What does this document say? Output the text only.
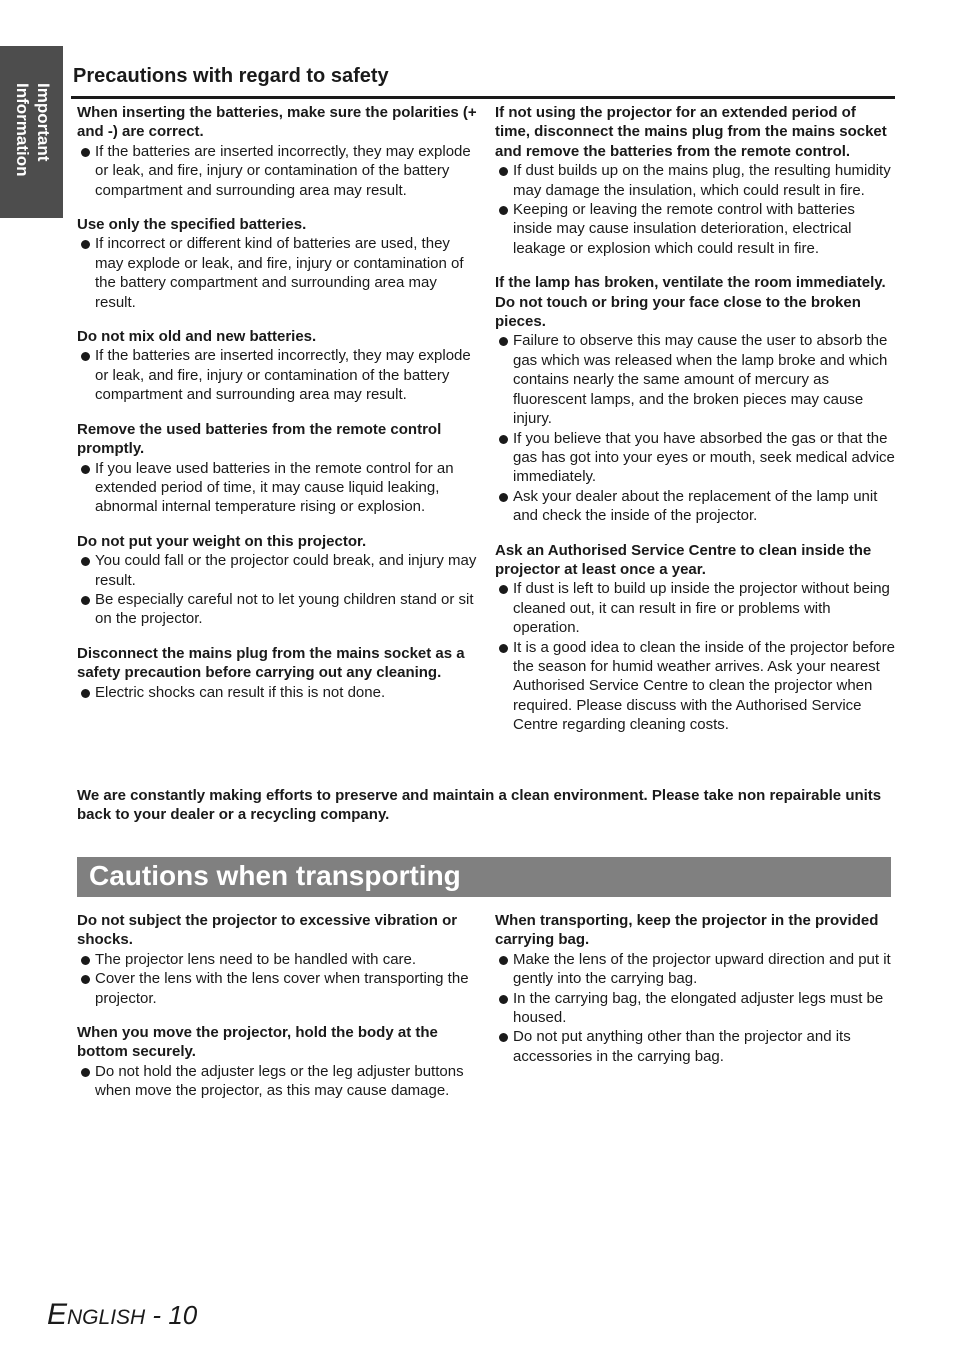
Important
Information
Precautions with regard to safety

When inserting the batteries, make sure the polarities (+ and -) are correct.

If the batteries are inserted incorrectly, they may explode or leak, and fire, injury or contamination of the battery compartment and surrounding area may result.

Use only the specified batteries.

If incorrect or different kind of batteries are used, they may explode or leak, and fire, injury or contamination of the battery compartment and surrounding area may result.

Do not mix old and new batteries.

If the batteries are inserted incorrectly, they may explode or leak, and fire, injury or contamination of the battery compartment and surrounding area may result.

Remove the used batteries from the remote control promptly.

If you leave used batteries in the remote control for an extended period of time, it may cause liquid leaking, abnormal internal temperature rising or explosion.

Do not put your weight on this projector.

You could fall or the projector could break, and injury may result.
Be especially careful not to let young children stand or sit on the projector.

Disconnect the mains plug from the mains socket as a safety precaution before carrying out any cleaning.

Electric shocks can result if this is not done.

If not using the projector for an extended period of time, disconnect the mains plug from the mains socket and remove the batteries from the remote control.

If dust builds up on the mains plug, the resulting humidity may damage the insulation, which could result in fire.
Keeping or leaving the remote control with batteries inside may cause insulation deterioration, electrical leakage or explosion which could result in fire.

If the lamp has broken, ventilate the room immediately. Do not touch or bring your face close to the broken pieces.

Failure to observe this may cause the user to absorb the gas which was released when the lamp broke and which contains nearly the same amount of mercury as fluorescent lamps, and the broken pieces may cause injury.
If you believe that you have absorbed the gas or that the gas has got into your eyes or mouth, seek medical advice immediately.
Ask your dealer about the replacement of the lamp unit and check the inside of the projector.

Ask an Authorised Service Centre to clean inside the projector at least once a year.

If dust is left to build up inside the projector without being cleaned out, it can result in fire or problems with operation.
It is a good idea to clean the inside of the projector before the season for humid weather arrives. Ask your nearest Authorised Service Centre to clean the projector when required. Please discuss with the Authorised Service Centre regarding cleaning costs.

We are constantly making efforts to preserve and maintain a clean environment. Please take non repairable units back to your dealer or a recycling company.

Cautions when transporting

Do not subject the projector to excessive vibration or shocks.

The projector lens need to be handled with care.
Cover the lens with the lens cover when transporting the projector.

When you move the projector, hold the body at the bottom securely.

Do not hold the adjuster legs or the leg adjuster buttons when move the projector, as this may cause damage.

When transporting, keep the projector in the provided carrying bag.

Make the lens of the projector upward direction and put it gently into the carrying bag.
In the carrying bag, the elongated adjuster legs must be housed.
Do not put anything other than the projector and its accessories in the carrying bag.
ENGLISH - 10
